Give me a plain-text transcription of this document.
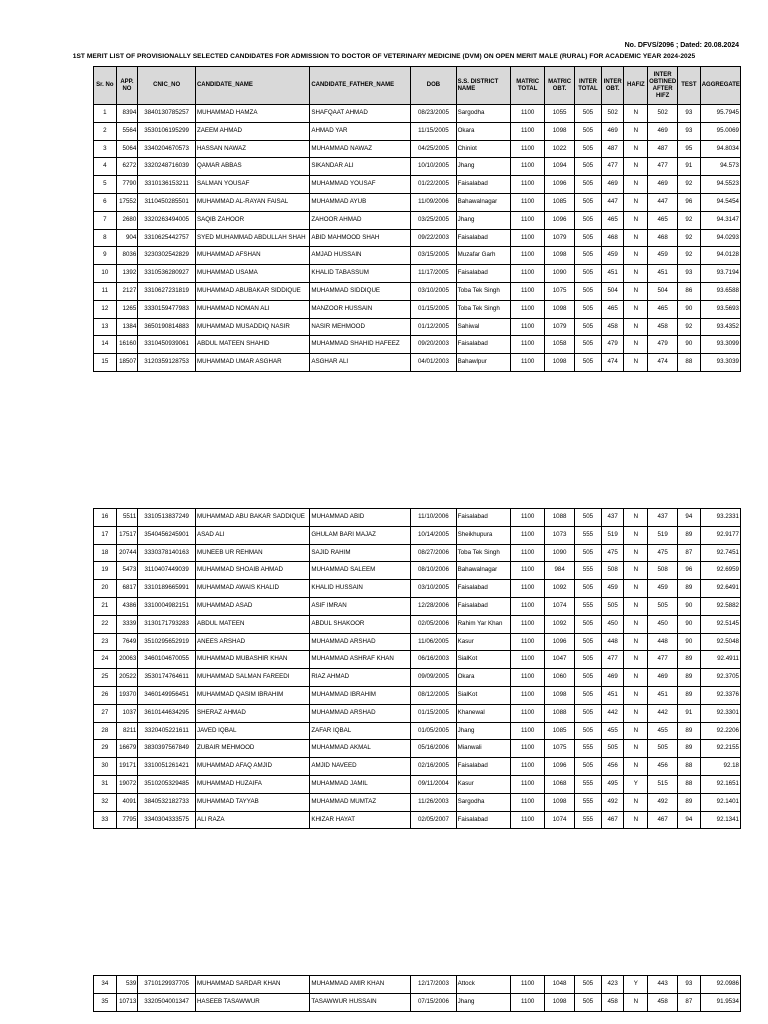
No. DFVS/2096 ; Dated: 20.08.2024
1ST MERIT LIST OF PROVISIONALLY SELECTED CANDIDATES FOR ADMISSION TO DOCTOR OF VETERINARY MEDICINE (DVM) ON OPEN MERIT MALE (RURAL) FOR ACADEMIC YEAR 2024-2025
Sr. No	APP. NO	CNIC_NO	CANDIDATE_NAME	CANDIDATE_FATHER_NAME	DOB	S.S. DISTRICT NAME	MATRIC TOTAL	MATRIC OBT.	INTER TOTAL	INTER OBT.	HAFIZ	INTER OBTINED AFTER HIFZ	TEST	AGGREGATE
1	8394	3840130785257	MUHAMMAD HAMZA	SHAFQAAT AHMAD	08/23/2005	Sargodha	1100	1055	505	502	N	502	93	95.7945
2	5564	3530106195299	ZAEEM AHMAD	AHMAD YAR	11/15/2005	Okara	1100	1098	505	469	N	469	93	95.0069
3	5064	3340204670573	HASSAN NAWAZ	MUHAMMAD NAWAZ	04/25/2005	Chiniot	1100	1022	505	487	N	487	95	94.8034
4	6272	3320248716039	QAMAR ABBAS	SIKANDAR ALI	10/10/2005	Jhang	1100	1094	505	477	N	477	91	94.573
5	7790	3310136153211	SALMAN YOUSAF	MUHAMMAD YOUSAF	01/22/2005	Faisalabad	1100	1096	505	469	N	469	92	94.5523
6	17552	3110450285501	MUHAMMAD AL-RAYAN FAISAL	MUHAMMAD AYUB	11/09/2006	Bahawalnagar	1100	1085	505	447	N	447	96	94.5454
7	2680	3320263494005	SAQIB ZAHOOR	ZAHOOR AHMAD	03/25/2005	Jhang	1100	1096	505	465	N	465	92	94.3147
8	904	3310625442757	SYED MUHAMMAD ABDULLAH SHAH	ABID MAHMOOD SHAH	09/22/2003	Faisalabad	1100	1079	505	468	N	468	92	94.0293
9	8036	3230302542829	MUHAMMAD AFSHAN	AMJAD HUSSAIN	03/15/2005	Muzafar Garh	1100	1098	505	459	N	459	92	94.0128
10	1392	3310536280927	MUHAMMAD USAMA	KHALID TABASSUM	11/17/2005	Faisalabad	1100	1090	505	451	N	451	93	93.7194
11	2127	3310627231819	MUHAMMAD ABUBAKAR SIDDIQUE	MUHAMMAD SIDDIQUE	03/10/2005	Toba Tek Singh	1100	1075	505	504	N	504	86	93.6588
12	1265	3330159477983	MUHAMMAD NOMAN ALI	MANZOOR HUSSAIN	01/15/2005	Toba Tek Singh	1100	1098	505	465	N	465	90	93.5693
13	1384	3650190814883	MUHAMMAD MUSADDIQ NASIR	NASIR MEHMOOD	01/12/2005	Sahiwal	1100	1079	505	458	N	458	92	93.4352
14	16160	3310450939061	ABDUL MATEEN SHAHID	MUHAMMAD SHAHID HAFEEZ	09/20/2003	Faisalabad	1100	1058	505	479	N	479	90	93.3099
15	18507	3120359128753	MUHAMMAD UMAR ASGHAR	ASGHAR ALI	04/01/2003	Bahawlpur	1100	1098	505	474	N	474	88	93.3039
16	5511	3310513837249	MUHAMMAD ABU BAKAR SADDIQUE	MUHAMMAD ABID	11/10/2006	Faisalabad	1100	1088	505	437	N	437	94	93.2331
17	17517	3540456245901	ASAD ALI	GHULAM BARI MAJAZ	10/14/2005	Sheikhupura	1100	1073	555	519	N	519	89	92.9177
18	20744	3330378140163	MUNEEB UR REHMAN	SAJID RAHIM	08/27/2006	Toba Tek Singh	1100	1090	505	475	N	475	87	92.7451
19	5473	3110407449039	MUHAMMAD SHOAIB AHMAD	MUHAMMAD SALEEM	08/10/2006	Bahawalnagar	1100	984	555	508	N	508	96	92.6959
20	6817	3310189665991	MUHAMMAD AWAIS KHALID	KHALID HUSSAIN	03/10/2005	Faisalabad	1100	1092	505	459	N	459	89	92.6491
21	4386	3310004982151	MUHAMMAD ASAD	ASIF IMRAN	12/28/2006	Faisalabad	1100	1074	555	505	N	505	90	92.5882
22	3339	3130171793283	ABDUL MATEEN	ABDUL SHAKOOR	02/05/2006	Rahim Yar Khan	1100	1092	505	450	N	450	90	92.5145
23	7649	3510295652919	ANEES ARSHAD	MUHAMMAD ARSHAD	11/06/2005	Kasur	1100	1096	505	448	N	448	90	92.5048
24	20063	3460104670055	MUHAMMAD MUBASHIR KHAN	MUHAMMAD ASHRAF KHAN	06/16/2003	SialKot	1100	1047	505	477	N	477	89	92.4911
25	20522	3530174764611	MUHAMMAD SALMAN FAREEDI	RIAZ AHMAD	09/09/2005	Okara	1100	1060	505	469	N	469	89	92.3705
26	19370	3460149956451	MUHAMMAD QASIM IBRAHIM	MUHAMMAD IBRAHIM	08/12/2005	SialKot	1100	1098	505	451	N	451	89	92.3376
27	1037	3610144634295	SHERAZ AHMAD	MUHAMMAD ARSHAD	01/15/2005	Khanewal	1100	1088	505	442	N	442	91	92.3301
28	8211	3320405221611	JAVED IQBAL	ZAFAR IQBAL	01/05/2005	Jhang	1100	1085	505	455	N	455	89	92.2206
29	16679	3830397567849	ZUBAIR MEHMOOD	MUHAMMAD AKMAL	05/16/2006	Mianwali	1100	1075	555	505	N	505	89	92.2155
30	19171	3310051261421	MUHAMMAD AFAQ AMJID	AMJID NAVEED	02/16/2005	Faisalabad	1100	1096	505	456	N	456	88	92.18
31	19072	3510205329485	MUHAMMAD HUZAIFA	MUHAMMAD JAMIL	09/11/2004	Kasur	1100	1068	555	495	Y	515	88	92.1651
32	4091	3840532182733	MUHAMMAD TAYYAB	MUHAMMAD MUMTAZ	11/26/2003	Sargodha	1100	1098	555	492	N	492	89	92.1401
33	7795	3340304333575	ALI RAZA	KHIZAR HAYAT	02/05/2007	Faisalabad	1100	1074	555	467	N	467	94	92.1341
34	539	3710129937705	MUHAMMAD SARDAR KHAN	MUHAMMAD AMIR KHAN	12/17/2003	Attock	1100	1048	505	423	Y	443	93	92.0986
35	10713	3320504001347	HASEEB TASAWWUR	TASAWWUR HUSSAIN	07/15/2006	Jhang	1100	1098	505	458	N	458	87	91.9534
